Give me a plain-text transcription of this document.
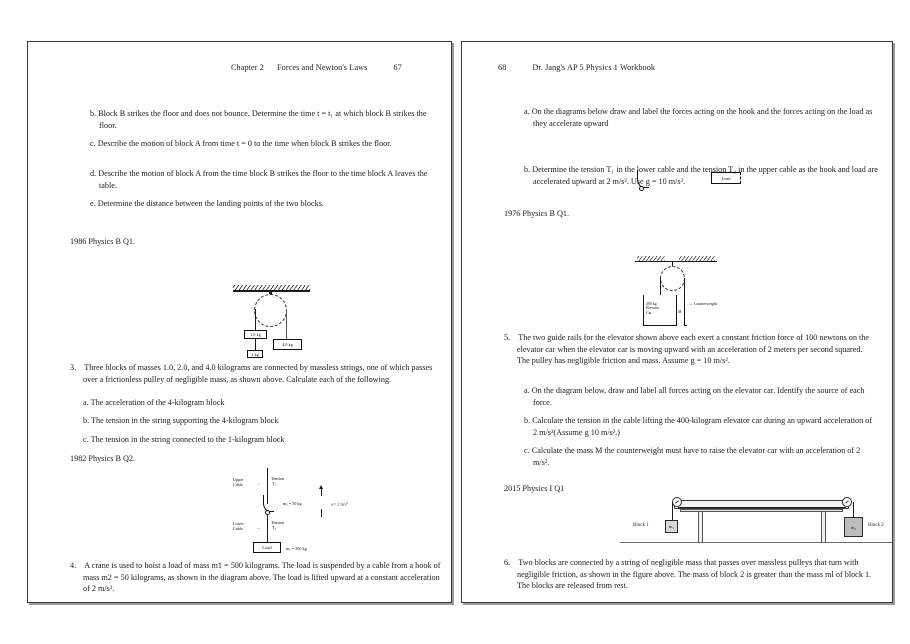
Chapter 2 Forces and Newton's Laws	67
b. Block B strikes the floor and does not bounce. Determine the time t = t₁ at which block B strikes the floor.
c. Describe the motion of block A from time t = 0 to the time when block B strikes the floor.
d. Describe the motion of block A from the time block B strikes the floor to the time block A leaves the table.
e. Determine the distance between the landing points of the two blocks.
1986 Physics B Q1.
1.0 kg
2 kg
4.0 kg
3. Three blocks of masses 1.0, 2.0, and 4.0 kilograms are connected by massless strings, one of which passes over a frictionless pulley of negligible mass, as shown above. Calculate each of the following.
a. The acceleration of the 4-kilogram block
b. The tension in the string supporting the 4-kilogram block
c. The tension in the string connected to the 1-kilogram block
1982 Physics B Q2.
Upper
Cable	→
Tension
$T_2$
$m_2 = 50$ kg	a = 2 $m/s^2$
Lower
Cable	→
Tension
$T_1$
Load	$m_1 = 500$ kg
4. A crane is used to hoist a load of mass m1 = 500 kilograms. The load is suspended by a cable from a hook of mass m2 = 50 kilograms, as shown in the diagram above. The load is lifted upward at a constant acceleration of 2 m/s².
68	Dr. Jang's AP 5 Physics 1 Workbook
a. On the diagrams below draw and label the forces acting on the hook and the forces acting on the load as they accelerate upward
Load
b. Determine the tension T₁ in the lower cable and the tension T₂ in the upper cable as the hook and load are accelerated upward at 2 m/s². Use g = 10 m/s².
1976 Physics B Q1.
·· ·
400 kg
Elevator
Car
→ Counterweight
M
5. The two guide rails for the elevator shown above each exert a constant friction force of 100 newtons on the elevator car when the elevator car is moving upward with an acceleration of 2 meters per second squared. The pulley has negligible friction and mass. Assume g = 10 m/s².
a. On the diagram below, draw and label all forces acting on the elevator car. Identify the source of each force.
b. Calculate the tension in the cable lifting the 400-kilogram elevator car during an upward acceleration of 2 m/s²(Assume g 10 m/s².)
c. Calculate the mass M the counterweight must have to raise the elevator car with an acceleration of 2 m/s².
2015 Physics I Q1
m₁
Block 1	m₂	Block 2
6. Two blocks are connected by a string of negligible mass that passes over massless pulleys that turn with negligible friction, as shown in the figure above. The mass of block 2 is greater than the mass ml of block 1. The blocks are released from rest.
